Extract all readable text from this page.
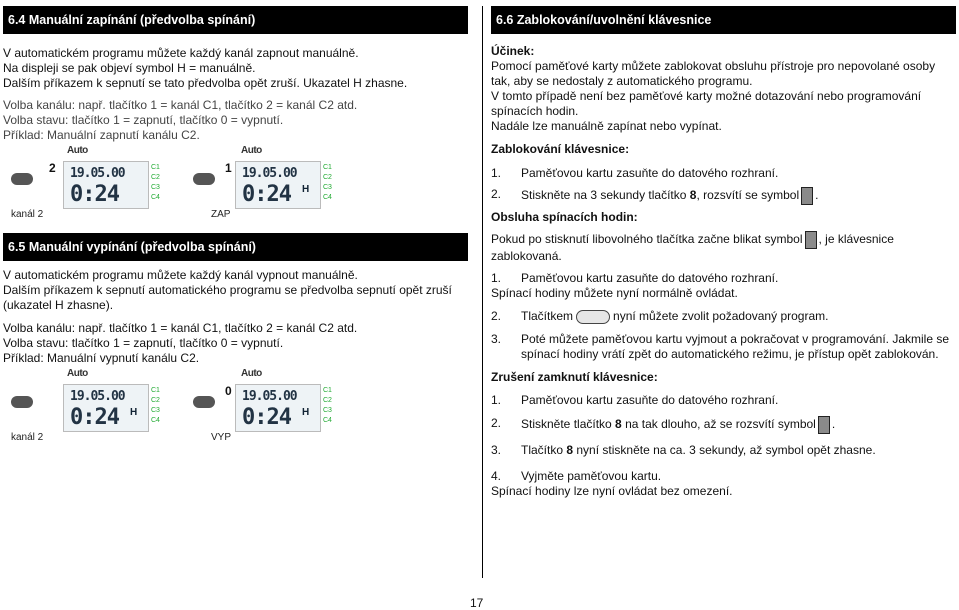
6.4 Manuální zapínání (předvolba spínání)

V automatickém programu můžete každý kanál zapnout manuálně.

Na displeji se pak objeví symbol H = manuálně.

Dalším příkazem k sepnutí se tato předvolba opět zruší. Ukazatel H zhasne.

Volba kanálu: např. tlačítko 1 = kanál C1, tlačítko 2 = kanál C2 atd.

Volba stavu: tlačítko 1 = zapnutí, tlačítko 0 = vypnutí.

Příklad: Manuální zapnutí kanálu C2.

Auto
2 19.05.00
0:24
C1
C2
C3
C4
kanál 2
Auto
1 19.05.00
0:24 H
C1
C2
C3
C4
ZAP
6.5 Manuální vypínání (předvolba spínání)

V automatickém programu můžete každý kanál vypnout manuálně.

Dalším příkazem k sepnutí automatického programu se předvolba sepnutí opět zruší (ukazatel H zhasne).

Volba kanálu: např. tlačítko 1 = kanál C1, tlačítko 2 = kanál C2 atd.

Volba stavu: tlačítko 1 = zapnutí, tlačítko 0 = vypnutí.

Příklad: Manuální vypnutí kanálu C2.

Auto
19.05.00
0:24 H
C1
C2
C3
C4
kanál 2
Auto
0 19.05.00
0:24 H
C1
C2
C3
C4
VYP
6.6 Zablokování/uvolnění klávesnice

Účinek:

Pomocí paměťové karty můžete zablokovat obsluhu přístroje pro nepovolané osoby tak, aby se nedostaly z automatického programu.

V tomto případě není bez paměťové karty možné dotazování nebo programování spínacích hodin.

Nadále lze manuálně zapínat nebo vypínat.

Zablokování klávesnice:

1.	Paměťovou kartu zasuňte do datového rozhraní.
2.	Stiskněte na 3 sekundy tlačítko 8, rozsvítí se symbol .

Obsluha spínacích hodin:

Pokud po stisknutí libovolného tlačítka začne blikat symbol , je klávesnice zablokovaná.

1.	Paměťovou kartu zasuňte do datového rozhraní.

Spínací hodiny můžete nyní normálně ovládat.

2.	Tlačítkem	nyní můžete zvolit požadovaný program.
3.	Poté můžete paměťovou kartu vyjmout a pokračovat v programování. Jakmile se spínací hodiny vrátí zpět do automatického režimu, je přístup opět zablokován.

Zrušení zamknutí klávesnice:

1.	Paměťovou kartu zasuňte do datového rozhraní.
2.	Stiskněte tlačítko 8 na tak dlouho, až se rozsvítí symbol .
3.	Tlačítko 8 nyní stiskněte na ca. 3 sekundy, až symbol opět zhasne.
4.	Vyjměte paměťovou kartu.

Spínací hodiny lze nyní ovládat bez omezení.

17
